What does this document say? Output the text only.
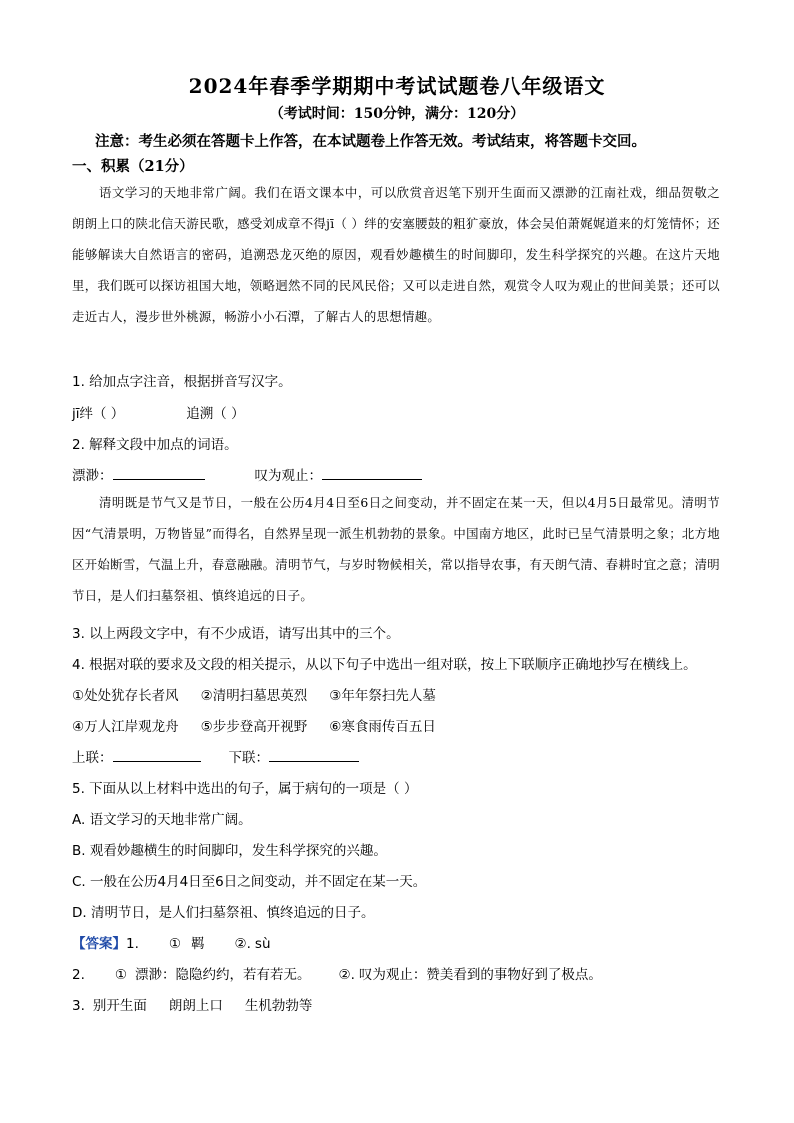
2024年春季学期期中考试试题卷八年级语文
（考试时间：150分钟，满分：120分）
注意：考生必须在答题卡上作答，在本试题卷上作答无效。考试结束，将答题卡交回。
一、积累（21分）
语文学习的天地非常广阔。我们在语文课本中，可以欣赏音迟笔下别开生面而又漂渺的江南社戏，细品贺敬之朗朗上口的陕北信天游民歌，感受刘成章不得jī（ ）绊的安塞腰鼓的粗犷豪放，体会吴伯萧娓娓道来的灯笼情怀；还能够解读大自然语言的密码，追溯恐龙灭绝的原因，观看妙趣横生的时间脚印，发生科学探究的兴趣。在这片天地里，我们既可以探访祖国大地，领略迥然不同的民风民俗；又可以走进自然，观赏令人叹为观止的世间美景；还可以走近古人，漫步世外桃源，畅游小小石潭，了解古人的思想情趣。
1. 给加点字注音，根据拼音写汉字。
jī绊（ ）	追溯（ ）
2. 解释文段中加点的词语。
漂渺：	叹为观止：
清明既是节气又是节日，一般在公历4月4日至6日之间变动，并不固定在某一天，但以4月5日最常见。清明节因“气清景明，万物皆显”而得名，自然界呈现一派生机勃勃的景象。中国南方地区，此时已呈气清景明之象；北方地区开始断雪，气温上升，春意融融。清明节气，与岁时物候相关，常以指导农事，有天朗气清、春耕时宜之意；清明节日，是人们扫墓祭祖、慎终追远的日子。
3. 以上两段文字中，有不少成语，请写出其中的三个。
4. 根据对联的要求及文段的相关提示，从以下句子中选出一组对联，按上下联顺序正确地抄写在横线上。
①处处犹存长者风 ②清明扫墓思英烈 ③年年祭扫先人墓
④万人江岸观龙舟 ⑤步步登高开视野 ⑥寒食雨传百五日
上联：	下联：
5. 下面从以上材料中选出的句子，属于病句的一项是（ ）
A. 语文学习的天地非常广阔。
B. 观看妙趣横生的时间脚印，发生科学探究的兴趣。
C. 一般在公历4月4日至6日之间变动，并不固定在某一天。
D. 清明节日，是人们扫墓祭祖、慎终追远的日子。
【答案】1. ① 羁 ②. sù
2. ① 漂渺：隐隐约约，若有若无。 ②. 叹为观止：赞美看到的事物好到了极点。
3. 别开生面 朗朗上口 生机勃勃等
